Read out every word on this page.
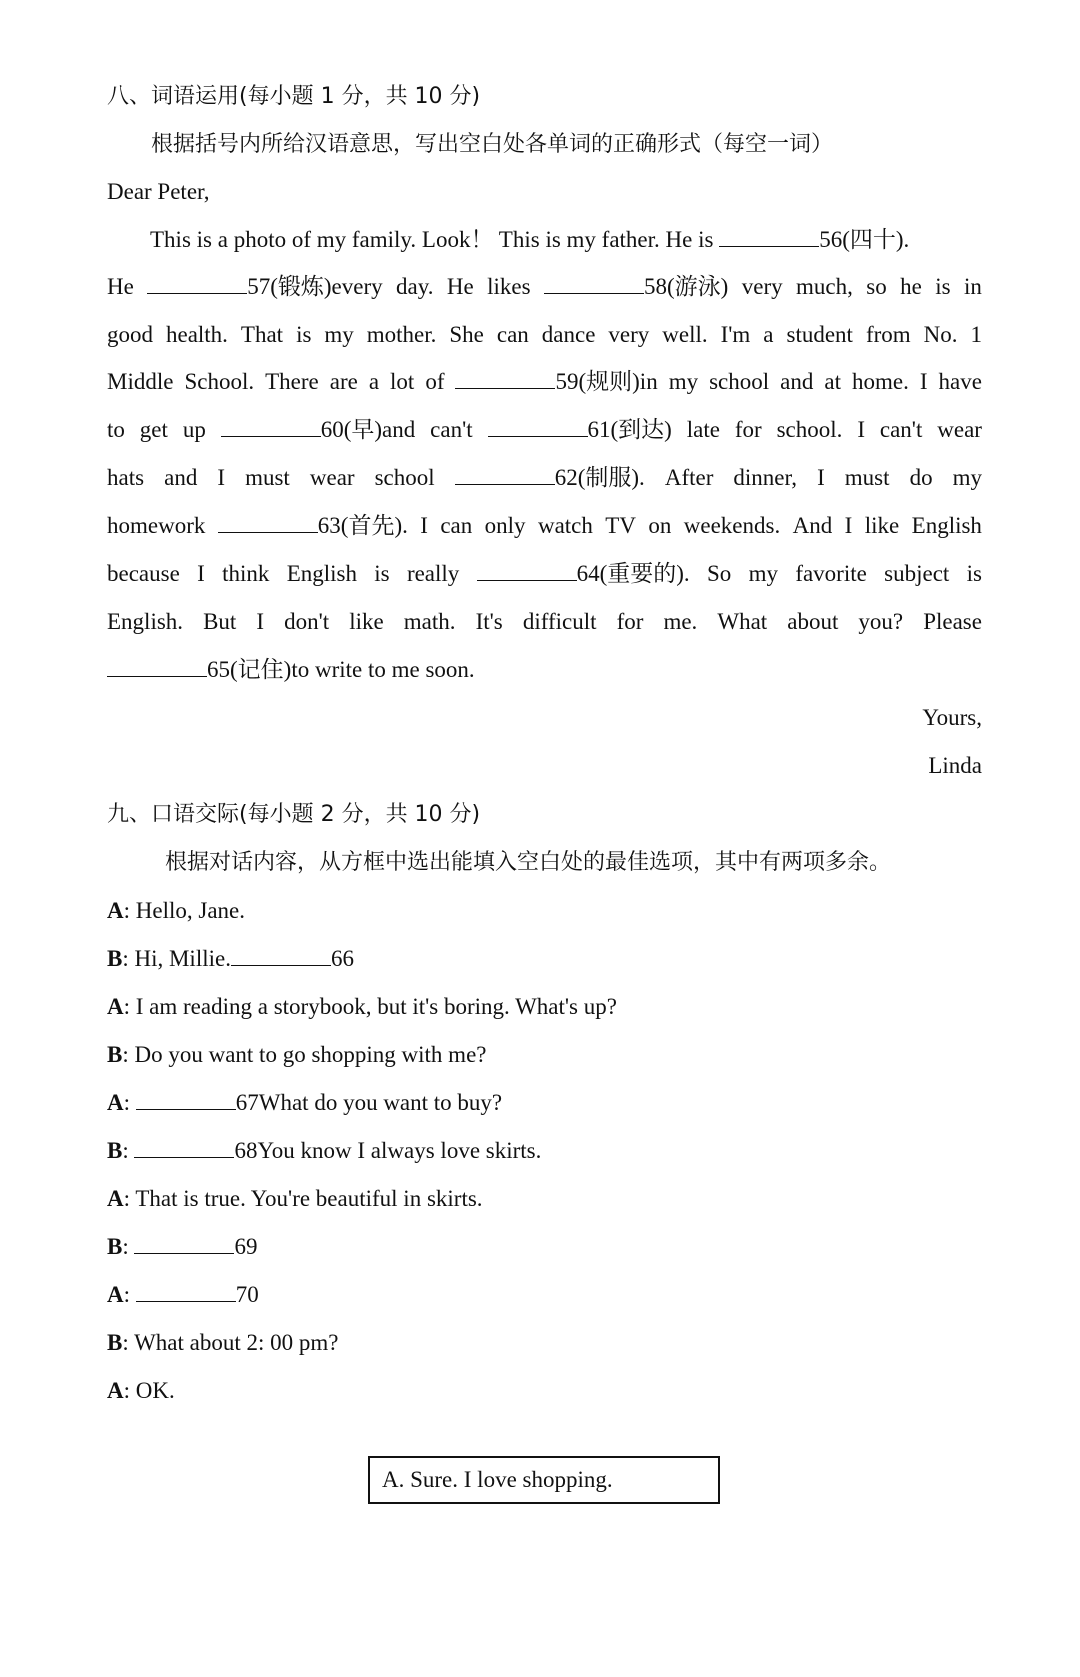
八、词语运用(每小题 1 分，共 10 分)
根据括号内所给汉语意思，写出空白处各单词的正确形式（每空一词）
Dear Peter,
This is a photo of my family. Look！ This is my father. He is	56(四十).
He	57(锻炼)every day. He likes	58(游泳) very much, so he is in
good health. That is my mother. She can dance very well. I'm a student from No. 1
Middle School. There are a lot of	59(规则)in my school and at home. I have
to get up	60(早)and can't	61(到达) late for school. I can't wear
hats and I must wear school	62(制服). After dinner, I must do my
homework	63(首先). I can only watch TV on weekends. And I like English
because I think English is really	64(重要的). So my favorite subject is
English. But I don't like math. It's difficult for me. What about you? Please
65(记住)to write to me soon.
Yours,
Linda
九、口语交际(每小题 2 分，共 10 分)
根据对话内容，从方框中选出能填入空白处的最佳选项，其中有两项多余。
A: Hello, Jane.
B: Hi, Millie.	66
A: I am reading a storybook, but it's boring. What's up?
B: Do you want to go shopping with me?
A:	67What do you want to buy?
B:	68You know I always love skirts.
A: That is true. You're beautiful in skirts.
B:	69
A:	70
B: What about 2: 00 pm?
A: OK.
A. Sure. I love shopping.
